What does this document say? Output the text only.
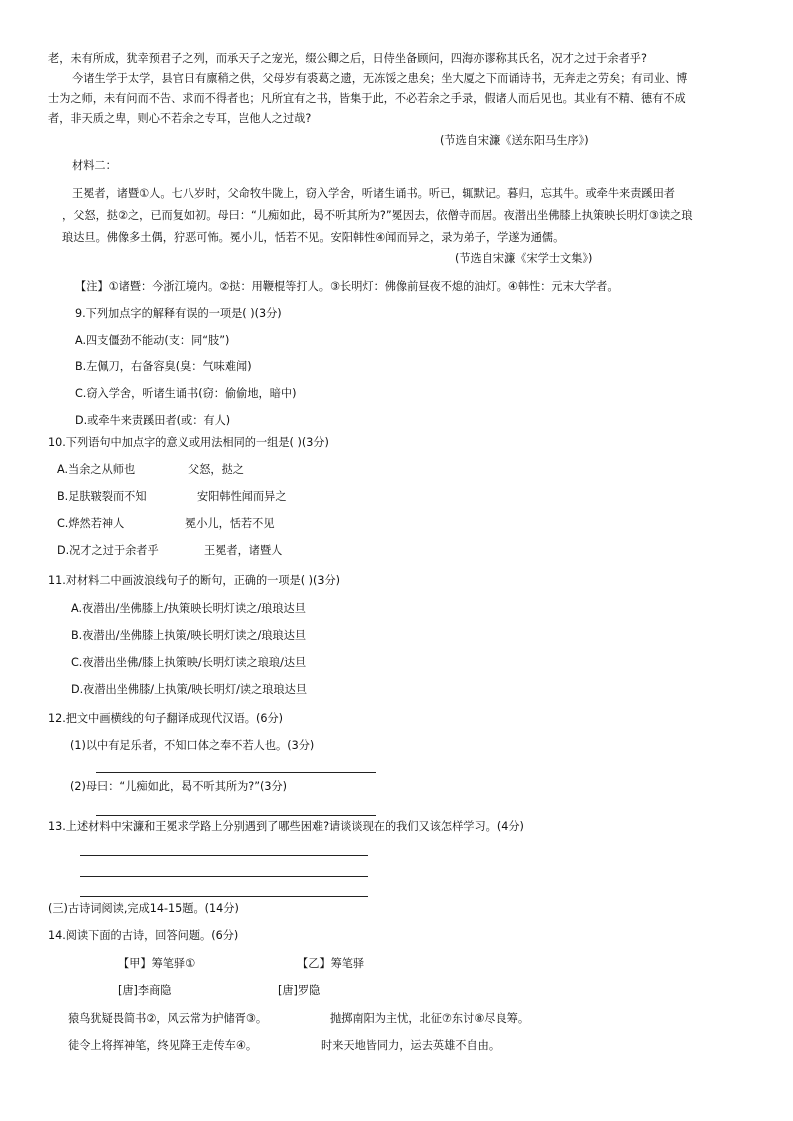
老，未有所成，犹幸预君子之列，而承天子之宠光，缀公卿之后，日侍坐备顾问，四海亦谬称其氏名，况才之过于余者乎?
今诸生学于太学，县官日有廪稍之供，父母岁有裘葛之遗，无冻馁之患矣；坐大厦之下而诵诗书，无奔走之劳矣；有司业、博
士为之师，未有问而不告、求而不得者也；凡所宜有之书，皆集于此，不必若余之手录，假诸人而后见也。其业有不精、德有不成
者，非天质之卑，则心不若余之专耳，岂他人之过哉?
(节选自宋濂《送东阳马生序》)
材料二：
王冕者，诸暨①人。七八岁时，父命牧牛陇上，窃入学舍，听诸生诵书。听已，辄默记。暮归，忘其牛。或牵牛来责蹊田者
，父怒，挞②之，已而复如初。母曰：“儿痴如此，曷不听其所为?”冕因去，依僧寺而居。夜潜出坐佛膝上执策映长明灯③读之琅
琅达旦。佛像多土偶，狞恶可怖。冕小儿，恬若不见。安阳韩性④闻而异之，录为弟子，学遂为通儒。
(节选自宋濂《宋学士文集》)
【注】①诸暨：今浙江境内。②挞：用鞭棍等打人。③长明灯：佛像前昼夜不熄的油灯。④韩性：元末大学者。
9.下列加点字的解释有误的一项是( )(3分)
A.四支僵劲不能动(支：同“肢”)
B.左佩刀，右备容臭(臭：气味难闻)
C.窃入学舍，听诸生诵书(窃：偷偷地，暗中)
D.或牵牛来责蹊田者(或：有人)
10.下列语句中加点字的意义或用法相同的一组是( )(3分)
A.当余之从师也	父怒，挞之
B.足肤皲裂而不知	安阳韩性闻而异之
C.烨然若神人	冕小儿，恬若不见
D.况才之过于余者乎	王冕者，诸暨人
11.对材料二中画波浪线句子的断句，正确的一项是( )(3分)
A.夜潜出/坐佛膝上/执策映长明灯读之/琅琅达旦
B.夜潜出/坐佛膝上执策/映长明灯读之/琅琅达旦
C.夜潜出坐佛/膝上执策映/长明灯读之琅琅/达旦
D.夜潜出坐佛膝/上执策/映长明灯/读之琅琅达旦
12.把文中画横线的句子翻译成现代汉语。(6分)
(1)以中有足乐者，不知口体之奉不若人也。(3分)
(2)母曰：“儿痴如此，曷不听其所为?”(3分)
13.上述材料中宋濂和王冕求学路上分别遇到了哪些困难?请谈谈现在的我们又该怎样学习。(4分)
(三)古诗词阅读,完成14-15题。(14分)
14.阅读下面的古诗，回答问题。(6分)
【甲】筹笔驿①	【乙】筹笔驿
[唐]李商隐	[唐]罗隐
猿鸟犹疑畏简书②，风云常为护储胥③。	抛掷南阳为主忧，北征⑦东讨⑧尽良筹。
徒令上将挥神笔，终见降王走传车④。	时来天地皆同力，运去英雄不自由。
